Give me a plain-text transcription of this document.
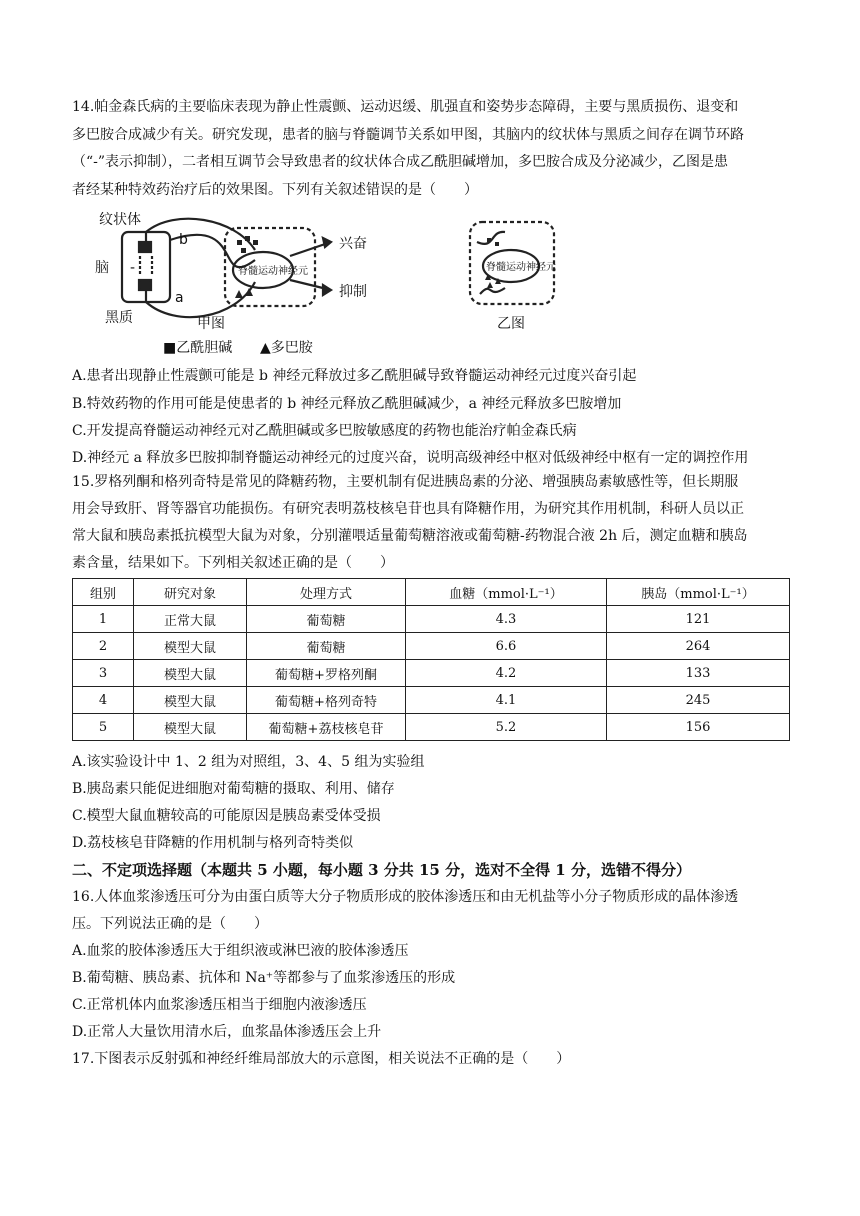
14.帕金森氏病的主要临床表现为静止性震颤、运动迟缓、肌强直和姿势步态障碍，主要与黑质损伤、退变和
多巴胺合成减少有关。研究发现，患者的脑与脊髓调节关系如甲图，其脑内的纹状体与黑质之间存在调节环路
（“-”表示抑制），二者相互调节会导致患者的纹状体合成乙酰胆碱增加，多巴胺合成及分泌减少，乙图是患
者经某种特效药治疗后的效果图。下列有关叙述错误的是（　　）
纹状体
脑
黑质
b
a
-	脊髓运动神经元
兴奋
抑制
甲图	乙图
脊髓运动神经元
■乙酰胆碱 ▲多巴胺
A.患者出现静止性震颤可能是 b 神经元释放过多乙酰胆碱导致脊髓运动神经元过度兴奋引起
B.特效药物的作用可能是使患者的 b 神经元释放乙酰胆碱减少，a 神经元释放多巴胺增加
C.开发提高脊髓运动神经元对乙酰胆碱或多巴胺敏感度的药物也能治疗帕金森氏病
D.神经元 a 释放多巴胺抑制脊髓运动神经元的过度兴奋，说明高级神经中枢对低级神经中枢有一定的调控作用
15.罗格列酮和格列奇特是常见的降糖药物，主要机制有促进胰岛素的分泌、增强胰岛素敏感性等，但长期服
用会导致肝、肾等器官功能损伤。有研究表明荔枝核皂苷也具有降糖作用，为研究其作用机制，科研人员以正
常大鼠和胰岛素抵抗模型大鼠为对象，分别灌喂适量葡萄糖溶液或葡萄糖-药物混合液 2h 后，测定血糖和胰岛
素含量，结果如下。下列相关叙述正确的是（　　）
组别	研究对象	处理方式	血糖（mmol·L⁻¹）	胰岛（mmol·L⁻¹）
1	正常大鼠	葡萄糖	4.3	121
2	模型大鼠	葡萄糖	6.6	264
3	模型大鼠	葡萄糖+罗格列酮	4.2	133
4	模型大鼠	葡萄糖+格列奇特	4.1	245
5	模型大鼠	葡萄糖+荔枝核皂苷	5.2	156
A.该实验设计中 1、2 组为对照组，3、4、5 组为实验组
B.胰岛素只能促进细胞对葡萄糖的摄取、利用、储存
C.模型大鼠血糖较高的可能原因是胰岛素受体受损
D.荔枝核皂苷降糖的作用机制与格列奇特类似
二、不定项选择题（本题共 5 小题，每小题 3 分共 15 分，选对不全得 1 分，选错不得分）
16.人体血浆渗透压可分为由蛋白质等大分子物质形成的胶体渗透压和由无机盐等小分子物质形成的晶体渗透
压。下列说法正确的是（　　）
A.血浆的胶体渗透压大于组织液或淋巴液的胶体渗透压
B.葡萄糖、胰岛素、抗体和 Na⁺等都参与了血浆渗透压的形成
C.正常机体内血浆渗透压相当于细胞内液渗透压
D.正常人大量饮用清水后，血浆晶体渗透压会上升
17.下图表示反射弧和神经纤维局部放大的示意图，相关说法不正确的是（　　）
